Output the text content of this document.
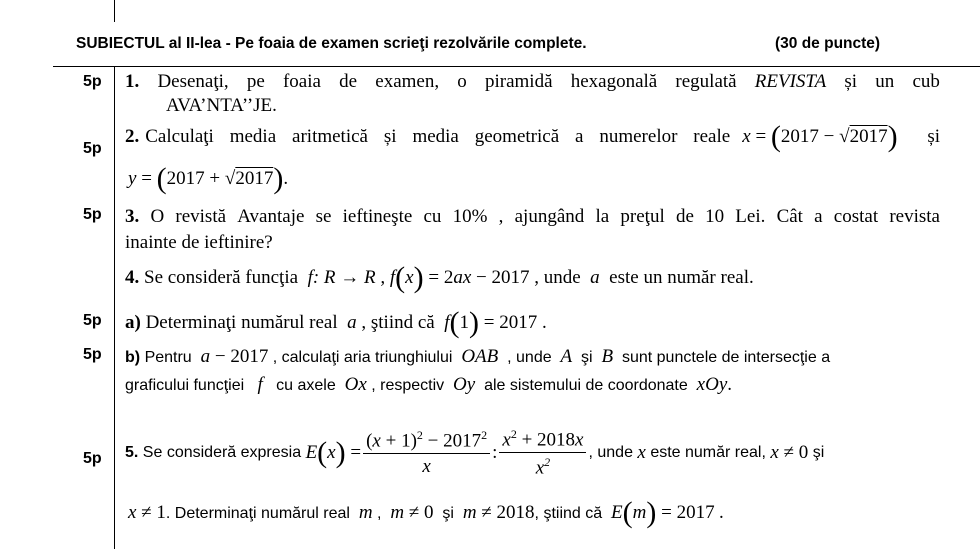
SUBIECTUL al II-lea - Pe foaia de examen scrieţi rezolvările complete.	(30 de puncte)
5p
5p
5p
5p
5p
5p
1. Desenaţi, pe foaia de examen, o piramidă hexagonală regulată REVISTA și un cub
AVA’NTA’’JE.
2. Calculaţi media aritmetică și media geometrică a numerelor reale x = (2017 − √2017) și
y = (2017 + √2017).
3. O revistă Avantaje se ieftineşte cu 10% , ajungând la preţul de 10 Lei. Cât a costat revista
inainte de ieftinire?
4. Se consideră funcţia f: R → R , f(x) = 2ax − 2017 , unde a este un număr real.
a) Determinaţi numărul real a , ştiind că f(1) = 2017 .
b) Pentru a − 2017 , calculaţi aria triunghiului OAB , unde A şi B sunt punctele de intersecţie a
graficului funcţiei f cu axele Ox , respectiv Oy ale sistemului de coordonate xOy.
5.
Se consideră expresia
$E(x) = \frac{(x + 1)^2 - 2017^2}{x}$ : $\frac{x^2 + 2018x}{x^2}$ , unde
x
este număr real,
x ≠ 0
şi
x ≠ 1. Determinaţi numărul real m ,  m ≠ 0 şi m ≠ 2018, ştiind că E(m) = 2017 .
